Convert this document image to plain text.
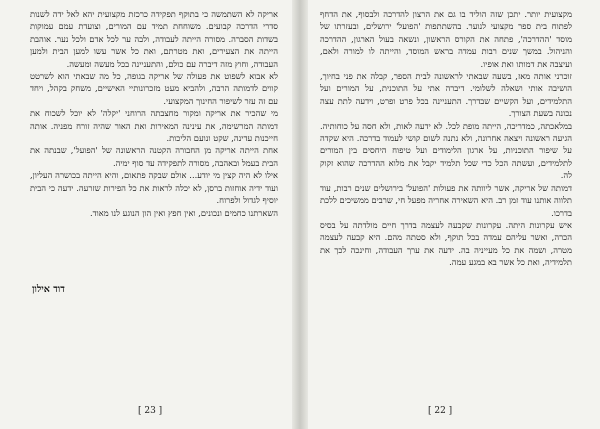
אריקה לא השתמשה כי בתוקף תפקידה כרכזת מקצועית יהא לאל ידה לשנות סדרי הדרכה קבועים. משוחחת תמיד עם המורים, וצועדת עמם עמוקות בשדות הסברה. מסורה הייתה לעבודה, ולבה ער לכל אדם ולכל נער. אוהבת הייתה את הצעירים, ואת מטרתם, ואת כל אשר עשו למען הבית ולמען העבודה, וחוץ מזה דיברה עם כולם, והתעניינה בכל מעשה ומעשה.

לא אבוא לשפוט את פעולה של אריקה בגופה, כל מה שבאתי הוא לשרטט קווים לדמותה הרבה, ולהביא מעט מזכרונותיי האישיים, משחק בקהל, ויחד עם זה עזר לשיפור החינוך המקצועי.

מי שהכיר את אריקה ומקור מחצבתה הרוחני 'יקלה' לא יוכל לשכוח את דמותה המרשימה, את עינינה המאירות ואת האור שהיה זורח מפניה. אותה חייכנות עדינה, שקט ונועם הליכות.

אחת הייתה אריקה מן החבורה הקטנה הראשונה של 'הפועל', שבנתה את הבית בעמל ובאהבה, מסורה לתפקידה עד סוף ימיה.

אילו לא היה קצין מי יודע... אולם שבקה פתאום, והיא הייתה בכושרה העליון, ועוד ידיה אוחזות ברסן, לא יכלה לראות את כל הפירות שזרעה. ידעה כי הבית יוסיף לגדול ולפרוח.

השארתנו כחמים ונכונים, ואין חפץ ואין הון הנוגע לנו מאוד.

דוד אילון

[ 23 ]

מקצועית יותר. יתכן שזה הוליד בו גם את הרצון להדרכה ולבסוף, את הדחף לפתוח בית ספר מקצועי לנוער. בהשתתפות 'הפועל' ירושלים, ובעזרתו של מוסד 'ההדרכה', פתחה את הקורס הראשון, ונשאה בעול הארגון, ההדרכה והניהול. במשך שנים רבות עמדה בראש המוסד, והייתה לו למורה ולאם, ועיצבה את דמותו ואת אופיו.

זוכרני אותה מאז, בשעה שבאתי לראשונה לבית הספר, קבלה את פני בחיוך, הושיבה אותי ושאלה לשלומי. דיברה אתי על התוכנית, על המורים ועל התלמידים, ועל הקשיים שבדרך. התעניינה בכל פרט ופרט, וידעה לתת עצה נכונה בשעת הצורך.

במלאכתה, כמדריכה, הייתה מופת לכל. לא ידעה לאות, ולא חסה על כוחותיה. הגיעה ראשונה ויצאה אחרונה, ולא נתנה לשום קושי לעמוד בדרכה. היא שקדה על שיפור התוכניות, על ארגון הלימודים ועל טיפוח היחסים בין המורים לתלמידים, ועשתה הכל כדי שכל תלמיד יקבל את מלוא ההדרכה שהוא זקוק לה.

דמותה של אריקה, אשר ליוותה את פעולות 'הפועל' בירושלים שנים רבות, עוד תלווה אותנו עוד זמן רב. היא השאירה אחריה מפעל חי, שרבים ממשיכים ללכת בדרכו.

איש עקרונות היתה. עקרונות שקבעה לעצמה בדרך חיים מולדתה על בסיס הכרה, ואשר עליהם עמדה בכל תוקף, ולא סטתה מהם. היא קבעה לעצמה מטרה, ושמה את כל מעייניה בה. ידעה את ערך העבודה, וחינכה לכך את תלמידיה, ואת כל אשר בא במגע עמה.

[ 22 ]
